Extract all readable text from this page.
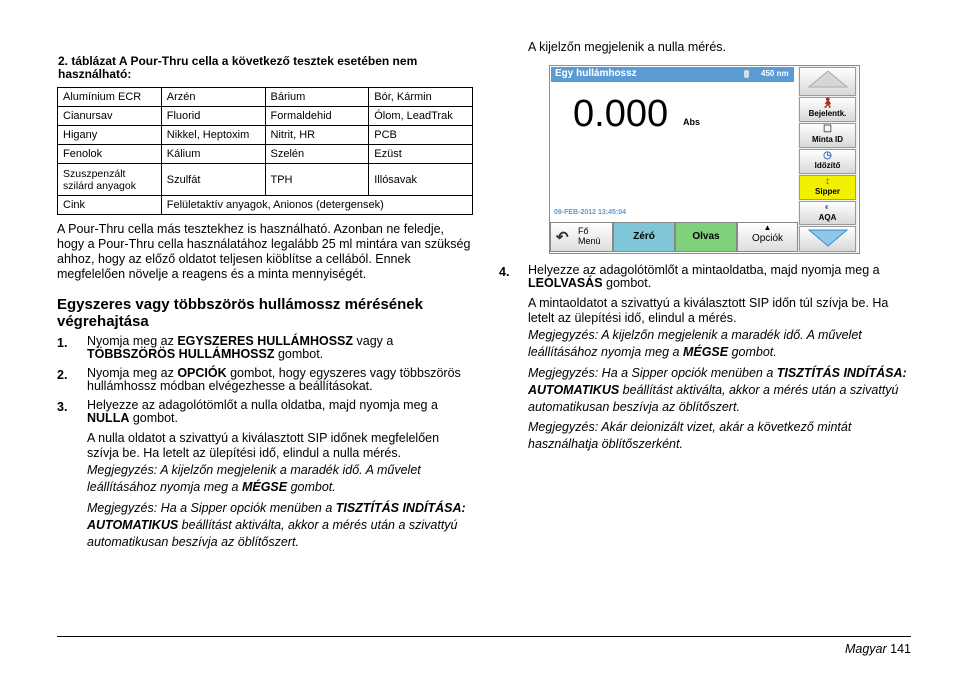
2. táblázat A Pour-Thru cella a következő tesztek esetében nem használható:
Alumínium ECR	Arzén	Bárium	Bór, Kármin
Cianursav	Fluorid	Formaldehid	Ólom, LeadTrak
Higany	Nikkel, Heptoxim	Nitrit, HR	PCB
Fenolok	Kálium	Szelén	Ezüst
Szuszpenzált szilárd anyagok	Szulfát	TPH	Illósavak
Cink	Felületaktív anyagok, Anionos (detergensek)		
A Pour-Thru cella más tesztekhez is használható. Azonban ne feledje, hogy a Pour-Thru cella használatához legalább 25 ml mintára van szükség ahhoz, hogy az előző oldatot teljesen kiöblítse a cellából. Ennek megfelelően növelje a reagens és a minta mennyiségét.
Egyszeres vagy többszörös hullámossz mérésének végrehajtása
1. Nyomja meg az EGYSZERES HULLÁMHOSSZ vagy a TÖBBSZÖRÖS HULLÁMHOSSZ gombot.
2. Nyomja meg az OPCIÓK gombot, hogy egyszeres vagy többszörös hullámhossz módban elvégezhesse a beállításokat.
3. Helyezze az adagolótömlőt a nulla oldatba, majd nyomja meg a NULLA gombot.
A nulla oldatot a szivattyú a kiválasztott SIP időnek megfelelően szívja be. Ha letelt az ülepítési idő, elindul a nulla mérés.
Megjegyzés: A kijelzőn megjelenik a maradék idő. A művelet leállításához nyomja meg a MÉGSE gombot.
Megjegyzés: Ha a Sipper opciók menüben a TISZTÍTÁS INDÍTÁSA: AUTOMATIKUS beállítást aktiválta, akkor a mérés után a szivattyú automatikusan beszívja az öblítőszert.
A kijelzőn megjelenik a nulla mérés.
Egy hullámhossz	450 nm
0.000 Abs
09-FEB-2012 13:45:04
🚶︎
Bejelentk.
☐
Minta ID
◷
Időzítő
↕
Sipper
◐
AQA
↶ Fő
Menü	Zéró	Olvas
▲
Opciók
4. Helyezze az adagolótömlőt a mintaoldatba, majd nyomja meg a LEOLVASÁS gombot.
A mintaoldatot a szivattyú a kiválasztott SIP időn túl szívja be. Ha letelt az ülepítési idő, elindul a mérés.
Megjegyzés: A kijelzőn megjelenik a maradék idő. A művelet leállításához nyomja meg a MÉGSE gombot.
Megjegyzés: Ha a Sipper opciók menüben a TISZTÍTÁS INDÍTÁSA: AUTOMATIKUS beállítást aktiválta, akkor a mérés után a szivattyú automatikusan beszívja az öblítőszert.
Megjegyzés: Akár deionizált vizet, akár a következő mintát használhatja öblítőszerként.
Magyar 141
